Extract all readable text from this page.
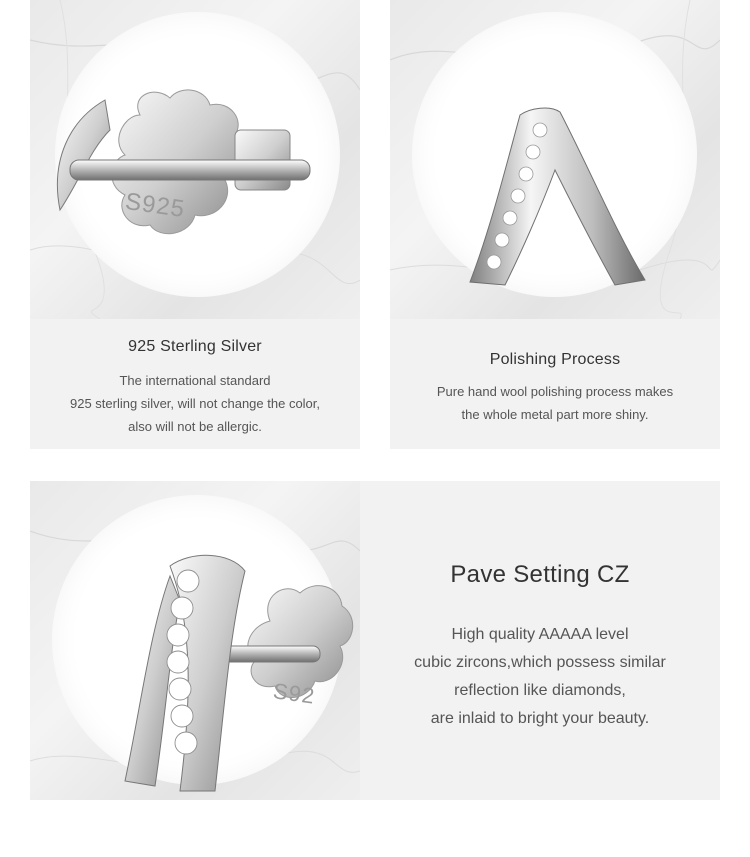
S925
925 Sterling Silver
The international standard
925 sterling silver, will not change the color,
also will not be allergic.
Polishing Process
Pure hand wool polishing process makes
the whole metal part more shiny.
S92
Pave Setting CZ
High quality AAAAA level
cubic zircons,which possess similar
reflection like diamonds,
are inlaid to bright your beauty.
